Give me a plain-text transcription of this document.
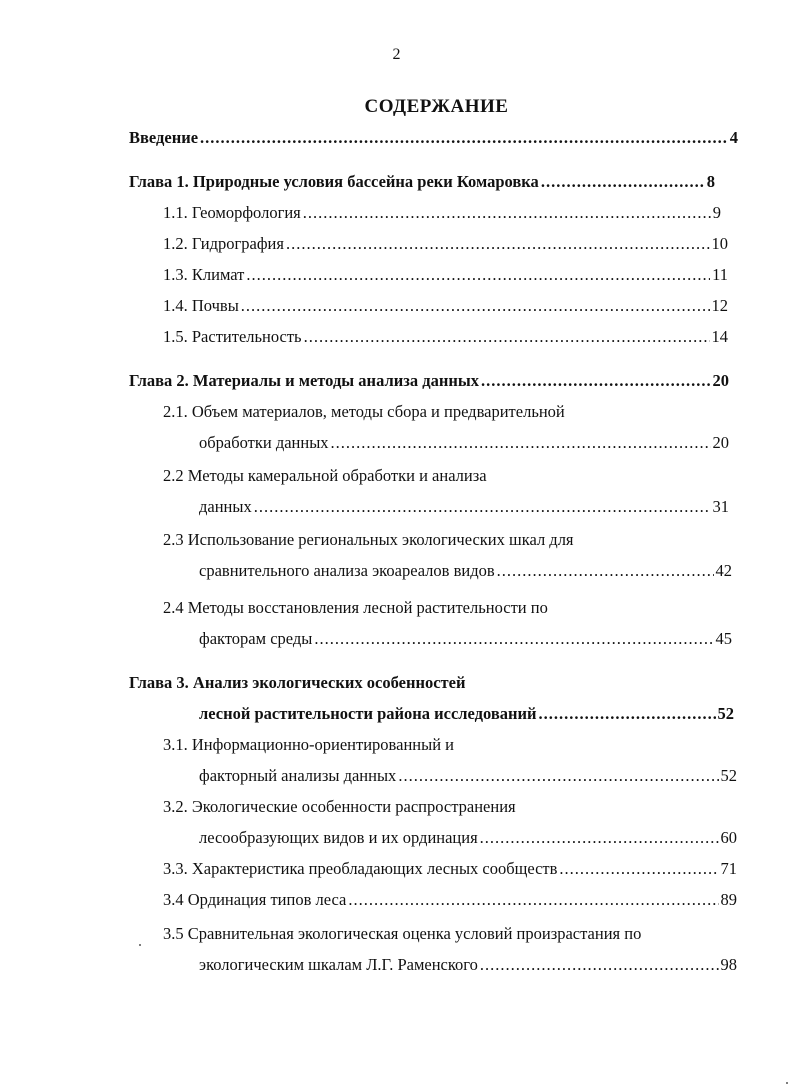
2
СОДЕРЖАНИЕ
Введение .....	4
Глава 1. Природные условия бассейна реки Комаровка .....	8
1.1. Геоморфология .....	9
1.2. Гидрография .....	10
1.3. Климат .....	11
1.4. Почвы .....	12
1.5. Растительность .....	14
Глава 2. Материалы и методы анализа данных .....	20
2.1. Объем материалов, методы сбора и предварительной
обработки данных .....	20
2.2 Методы камеральной обработки и анализа
данных .....	31
2.3 Использование региональных экологических шкал для
сравнительного анализа экоареалов видов .....	42
2.4 Методы восстановления лесной растительности по
факторам среды .....	45
Глава 3. Анализ экологических особенностей
лесной растительности района исследований .....	52
3.1. Информационно-ориентированный и
факторный анализы данных .....	52
3.2. Экологические особенности распространения
лесообразующих видов и их ординация .....	60
3.3. Характеристика преобладающих лесных сообществ .....	71
3.4 Ординация типов леса .....	89
3.5 Сравнительная экологическая оценка условий произрастания по
экологическим шкалам Л.Г. Раменского .....	98
